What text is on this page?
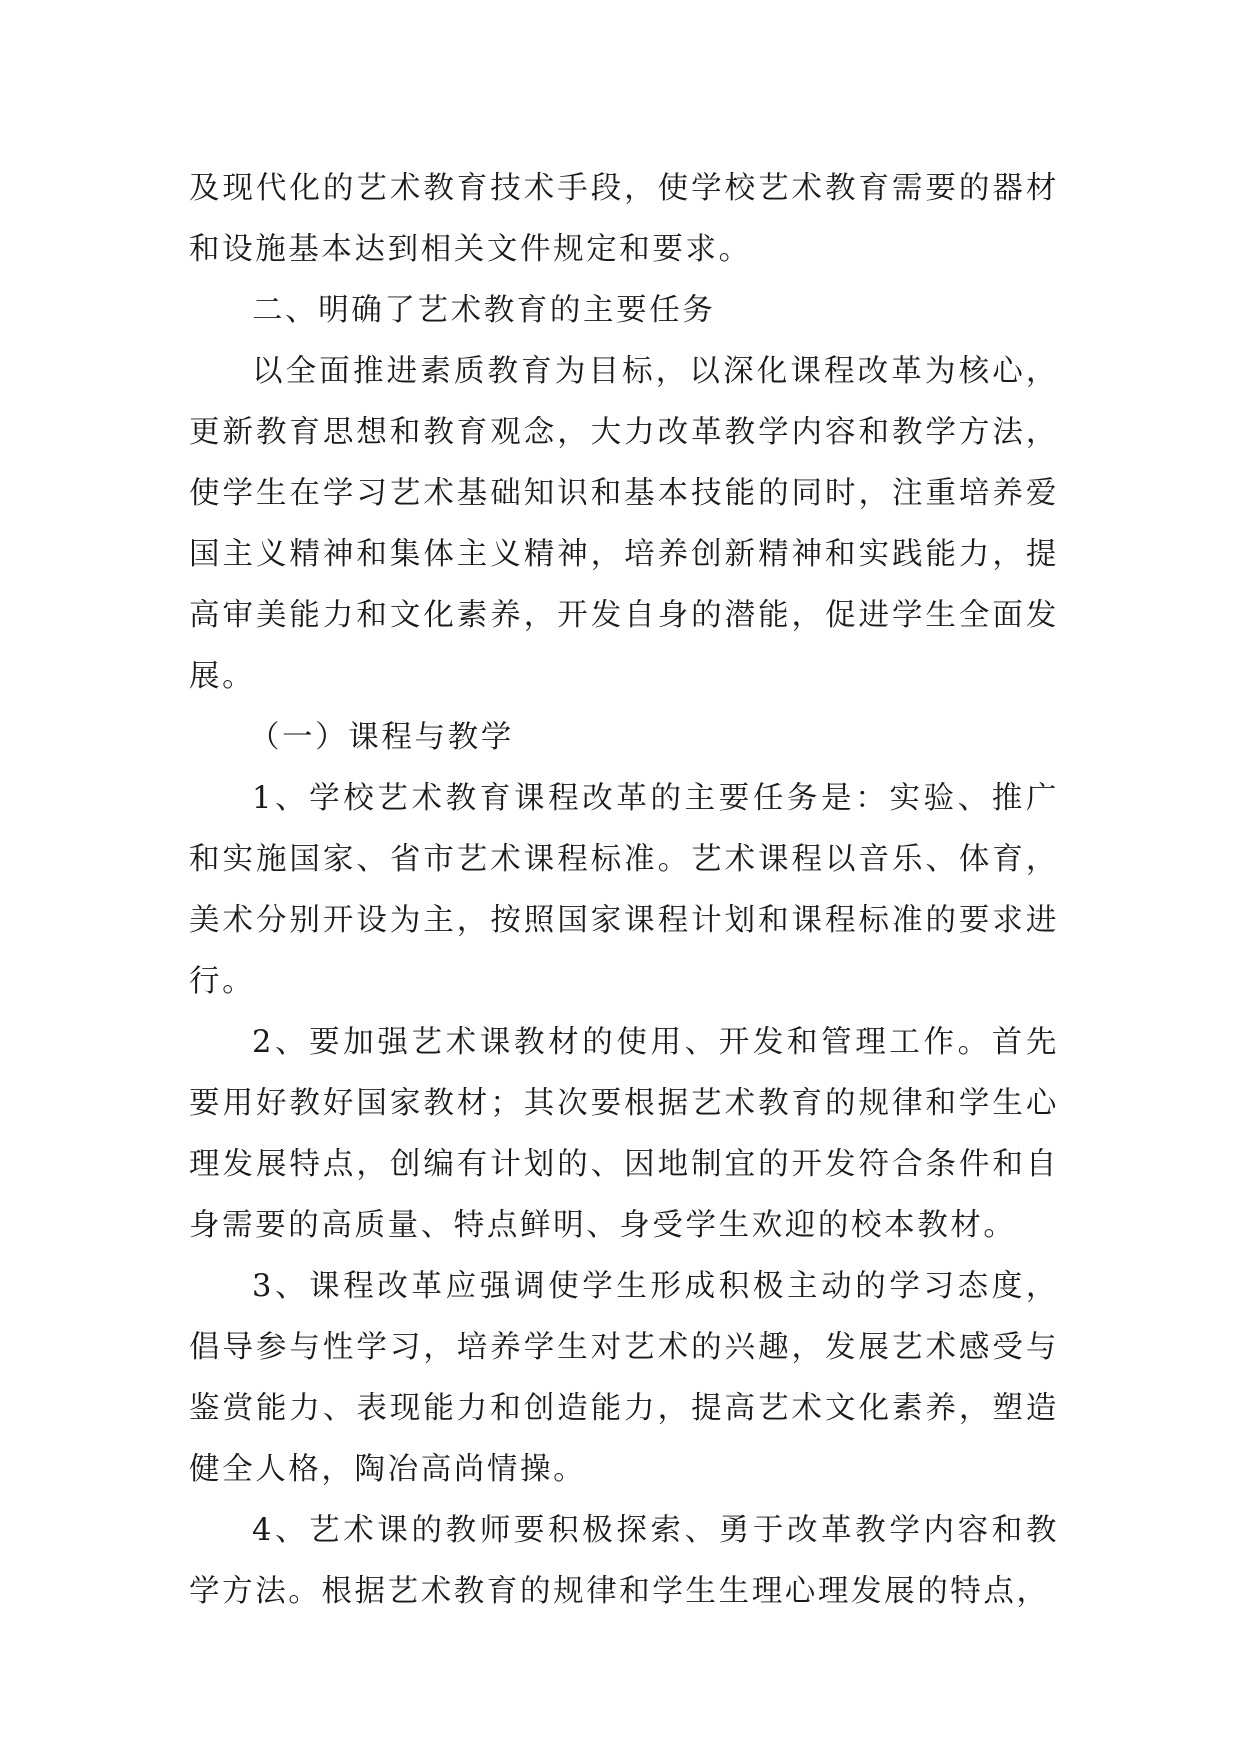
及现代化的艺术教育技术手段，使学校艺术教育需要的器材和设施基本达到相关文件规定和要求。

二、明确了艺术教育的主要任务

以全面推进素质教育为目标，以深化课程改革为核心，更新教育思想和教育观念，大力改革教学内容和教学方法，使学生在学习艺术基础知识和基本技能的同时，注重培养爱国主义精神和集体主义精神，培养创新精神和实践能力，提高审美能力和文化素养，开发自身的潜能，促进学生全面发展。

（一）课程与教学

1、学校艺术教育课程改革的主要任务是：实验、推广和实施国家、省市艺术课程标准。艺术课程以音乐、体育，美术分别开设为主，按照国家课程计划和课程标准的要求进行。

2、要加强艺术课教材的使用、开发和管理工作。首先要用好教好国家教材；其次要根据艺术教育的规律和学生心理发展特点，创编有计划的、因地制宜的开发符合条件和自身需要的高质量、特点鲜明、身受学生欢迎的校本教材。

3、课程改革应强调使学生形成积极主动的学习态度，倡导参与性学习，培养学生对艺术的兴趣，发展艺术感受与鉴赏能力、表现能力和创造能力，提高艺术文化素养，塑造健全人格，陶冶高尚情操。

4、艺术课的教师要积极探索、勇于改革教学内容和教学方法。根据艺术教育的规律和学生生理心理发展的特点，
